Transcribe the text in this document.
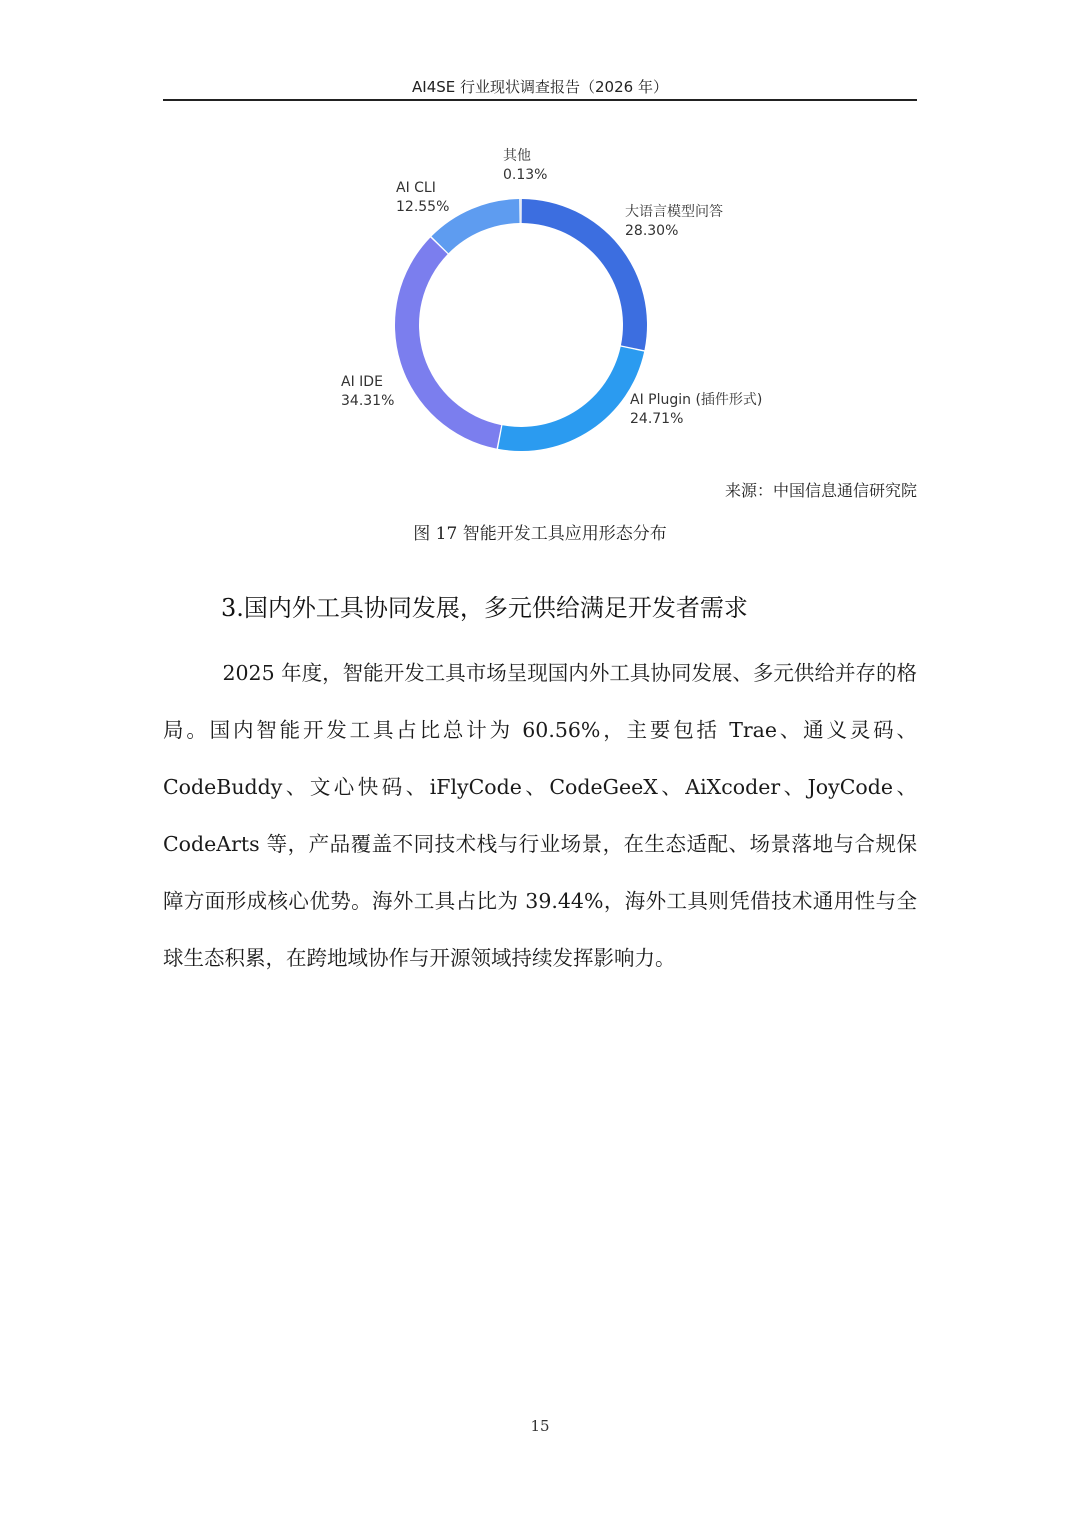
AI4SE 行业现状调查报告（2026 年）
大语言模型问答
28.30%
AI Plugin (插件形式)
24.71%
AI IDE
34.31%
AI CLI
12.55%
其他
0.13%
来源：中国信息通信研究院
图 17 智能开发工具应用形态分布
3.国内外工具协同发展，多元供给满足开发者需求

2025 年度，智能开发工具市场呈现国内外工具协同发展、多元供给并存的格局。国内智能开发工具占比总计为 60.56%，主要包括 Trae、通义灵码、CodeBuddy、文心快码、iFlyCode、CodeGeeX、AiXcoder、JoyCode、CodeArts 等，产品覆盖不同技术栈与行业场景，在生态适配、场景落地与合规保障方面形成核心优势。海外工具占比为 39.44%，海外工具则凭借技术通用性与全球生态积累，在跨地域协作与开源领域持续发挥影响力。

15
